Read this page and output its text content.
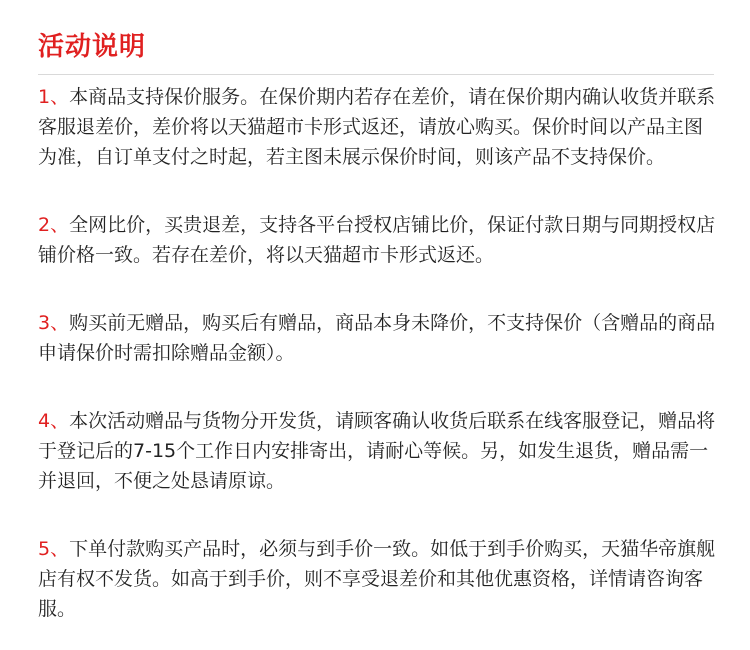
活动说明

1、本商品支持保价服务。在保价期内若存在差价，请在保价期内确认收货并联系客服退差价，差价将以天猫超市卡形式返还，请放心购买。保价时间以产品主图为准，自订单支付之时起，若主图未展示保价时间，则该产品不支持保价。

2、全网比价，买贵退差，支持各平台授权店铺比价，保证付款日期与同期授权店铺价格一致。若存在差价，将以天猫超市卡形式返还。

3、购买前无赠品，购买后有赠品，商品本身未降价，不支持保价（含赠品的商品申请保价时需扣除赠品金额）。

4、本次活动赠品与货物分开发货，请顾客确认收货后联系在线客服登记，赠品将于登记后的7-15个工作日内安排寄出，请耐心等候。另，如发生退货，赠品需一并退回，不便之处恳请原谅。

5、下单付款购买产品时，必须与到手价一致。如低于到手价购买，天猫华帝旗舰店有权不发货。如高于到手价，则不享受退差价和其他优惠资格，详情请咨询客服。
